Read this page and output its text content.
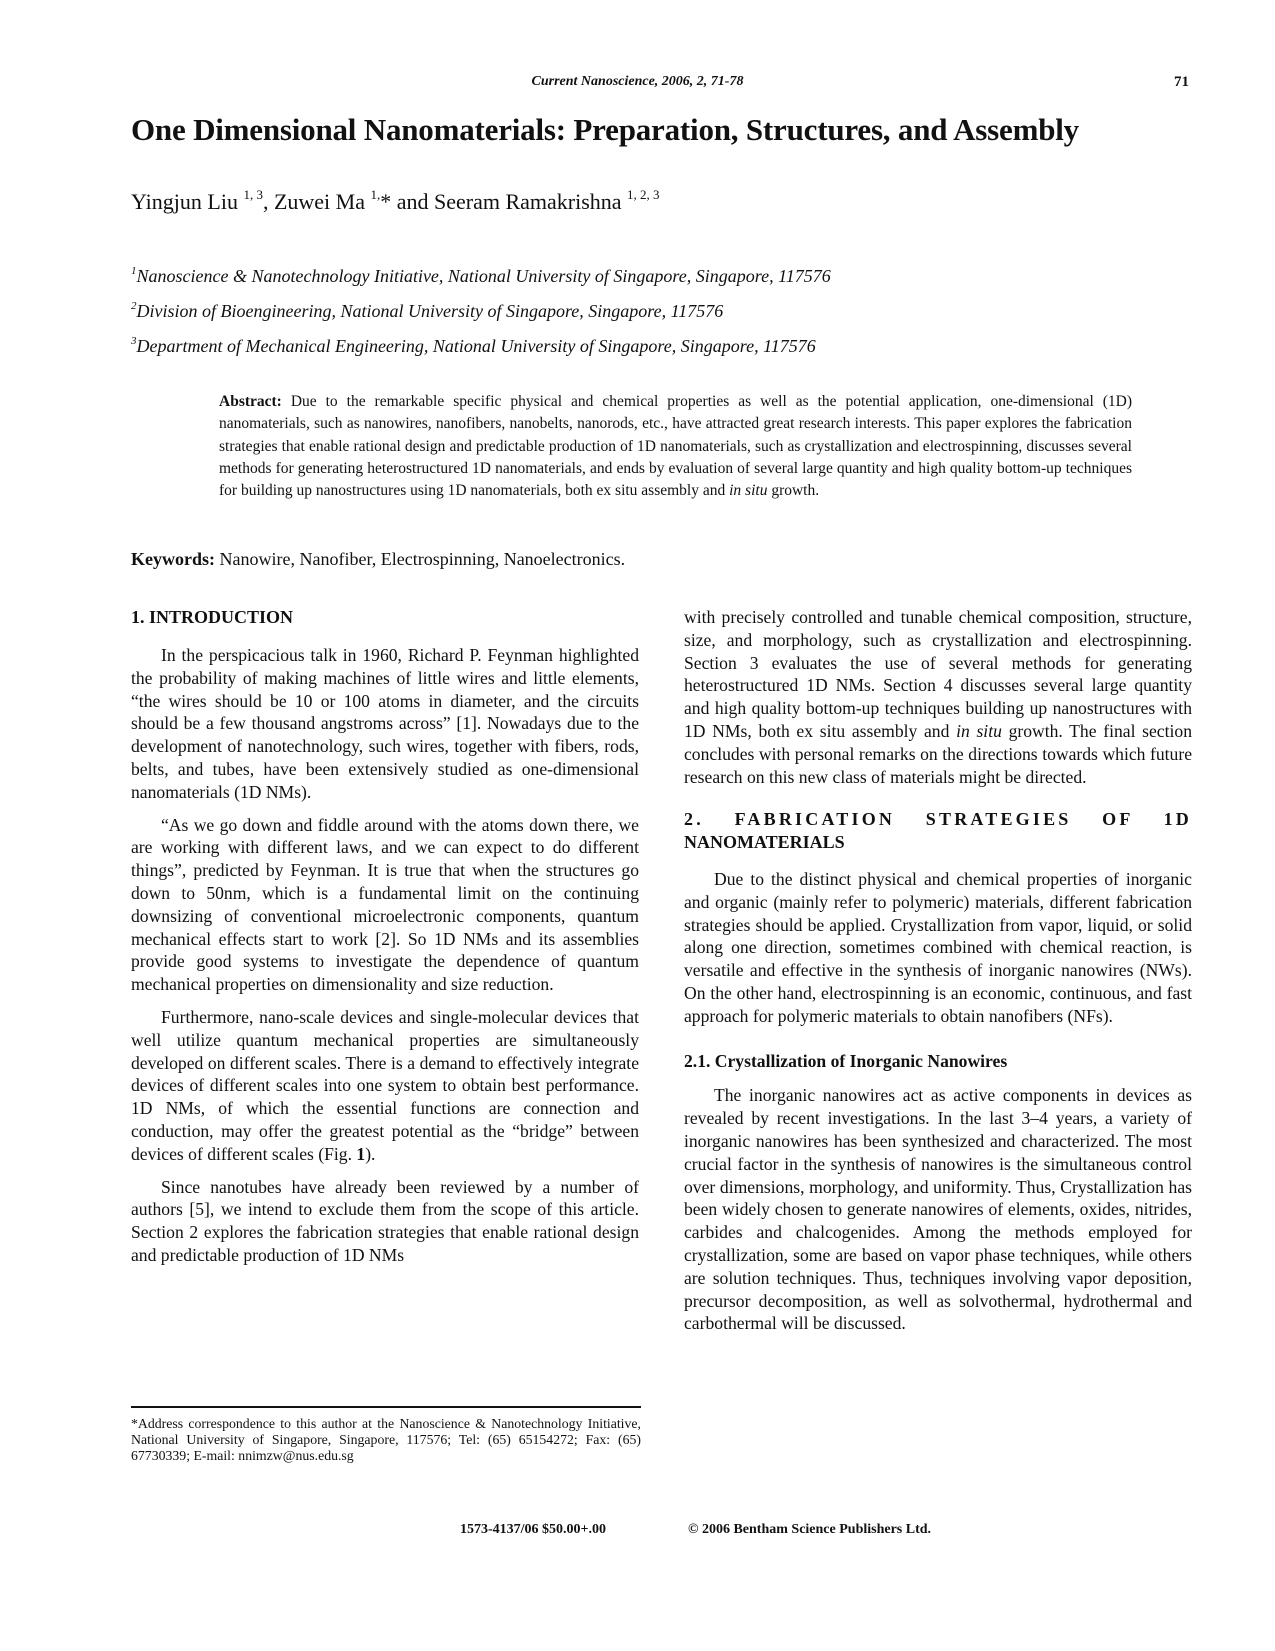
Current Nanoscience, 2006, 2, 71-78	71
One Dimensional Nanomaterials: Preparation, Structures, and Assembly
Yingjun Liu $^{1, 3}$, Zuwei Ma $^{1,}$* and Seeram Ramakrishna $^{1, 2, 3}$
$^1$Nanoscience & Nanotechnology Initiative, National University of Singapore, Singapore, 117576
$^2$Division of Bioengineering, National University of Singapore, Singapore, 117576
$^3$Department of Mechanical Engineering, National University of Singapore, Singapore, 117576
Abstract: Due to the remarkable specific physical and chemical properties as well as the potential application, one-dimensional (1D) nanomaterials, such as nanowires, nanofibers, nanobelts, nanorods, etc., have attracted great research interests. This paper explores the fabrication strategies that enable rational design and predictable production of 1D nanomaterials, such as crystallization and electrospinning, discusses several methods for generating heterostructured 1D nanomaterials, and ends by evaluation of several large quantity and high quality bottom-up techniques for building up nanostructures using 1D nanomaterials, both ex situ assembly and in situ growth.
Keywords: Nanowire, Nanofiber, Electrospinning, Nanoelectronics.
1. INTRODUCTION

In the perspicacious talk in 1960, Richard P. Feynman highlighted the probability of making machines of little wires and little elements, “the wires should be 10 or 100 atoms in diameter, and the circuits should be a few thousand angstroms across” [1]. Nowadays due to the development of nanotechnology, such wires, together with fibers, rods, belts, and tubes, have been extensively studied as one-dimensional nanomaterials (1D NMs).

“As we go down and fiddle around with the atoms down there, we are working with different laws, and we can expect to do different things”, predicted by Feynman. It is true that when the structures go down to 50nm, which is a fundamental limit on the continuing downsizing of conventional microelectronic components, quantum mechanical effects start to work [2]. So 1D NMs and its assemblies provide good systems to investigate the dependence of quantum mechanical properties on dimensionality and size reduction.

Furthermore, nano-scale devices and single-molecular devices that well utilize quantum mechanical properties are simultaneously developed on different scales. There is a demand to effectively integrate devices of different scales into one system to obtain best performance. 1D NMs, of which the essential functions are connection and conduction, may offer the greatest potential as the “bridge” between devices of different scales (Fig. 1).

Since nanotubes have already been reviewed by a number of authors [5], we intend to exclude them from the scope of this article. Section 2 explores the fabrication strategies that enable rational design and predictable production of 1D NMs

*Address correspondence to this author at the Nanoscience & Nanotechnology Initiative, National University of Singapore, Singapore, 117576; Tel: (65) 65154272; Fax: (65) 67730339; E-mail: nnimzw@nus.edu.sg

with precisely controlled and tunable chemical composition, structure, size, and morphology, such as crystallization and electrospinning. Section 3 evaluates the use of several methods for generating heterostructured 1D NMs. Section 4 discusses several large quantity and high quality bottom-up techniques building up nanostructures with 1D NMs, both ex situ assembly and in situ growth. The final section concludes with personal remarks on the directions towards which future research on this new class of materials might be directed.

2. FABRICATION STRATEGIES OF 1D
NANOMATERIALS

Due to the distinct physical and chemical properties of inorganic and organic (mainly refer to polymeric) materials, different fabrication strategies should be applied. Crystallization from vapor, liquid, or solid along one direction, sometimes combined with chemical reaction, is versatile and effective in the synthesis of inorganic nanowires (NWs). On the other hand, electrospinning is an economic, continuous, and fast approach for polymeric materials to obtain nanofibers (NFs).

2.1. Crystallization of Inorganic Nanowires

The inorganic nanowires act as active components in devices as revealed by recent investigations. In the last 3–4 years, a variety of inorganic nanowires has been synthesized and characterized. The most crucial factor in the synthesis of nanowires is the simultaneous control over dimensions, morphology, and uniformity. Thus, Crystallization has been widely chosen to generate nanowires of elements, oxides, nitrides, carbides and chalcogenides. Among the methods employed for crystallization, some are based on vapor phase techniques, while others are solution techniques. Thus, techniques involving vapor deposition, precursor decomposition, as well as solvothermal, hydrothermal and carbothermal will be discussed.

1573-4137/06 $50.00+.00	© 2006 Bentham Science Publishers Ltd.
